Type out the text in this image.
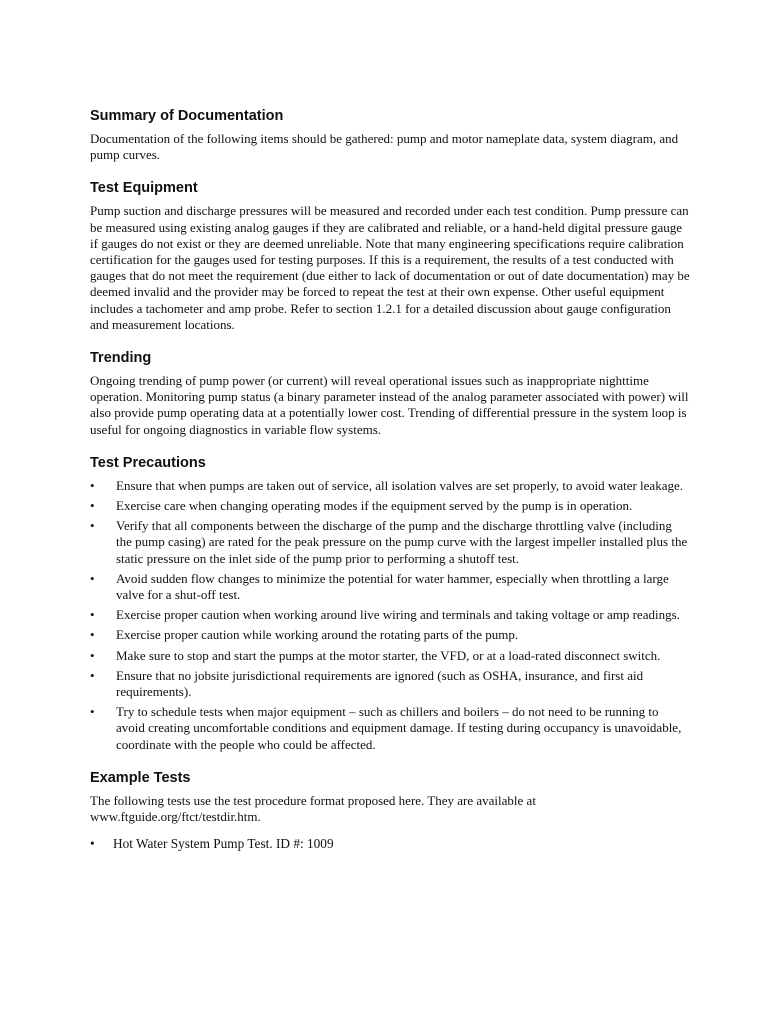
Summary of Documentation

Documentation of the following items should be gathered: pump and motor nameplate data, system diagram, and pump curves.

Test Equipment

Pump suction and discharge pressures will be measured and recorded under each test condition. Pump pressure can be measured using existing analog gauges if they are calibrated and reliable, or a hand-held digital pressure gauge if gauges do not exist or they are deemed unreliable. Note that many engineering specifications require calibration certification for the gauges used for testing purposes. If this is a requirement, the results of a test conducted with gauges that do not meet the requirement (due either to lack of documentation or out of date documentation) may be deemed invalid and the provider may be forced to repeat the test at their own expense. Other useful equipment includes a tachometer and amp probe. Refer to section 1.2.1 for a detailed discussion about gauge configuration and measurement locations.

Trending

Ongoing trending of pump power (or current) will reveal operational issues such as inappropriate nighttime operation. Monitoring pump status (a binary parameter instead of the analog parameter associated with power) will also provide pump operating data at a potentially lower cost. Trending of differential pressure in the system loop is useful for ongoing diagnostics in variable flow systems.

Test Precautions
•	Ensure that when pumps are taken out of service, all isolation valves are set properly, to avoid water leakage.
•	Exercise care when changing operating modes if the equipment served by the pump is in operation.
•	Verify that all components between the discharge of the pump and the discharge throttling valve (including the pump casing) are rated for the peak pressure on the pump curve with the largest impeller installed plus the static pressure on the inlet side of the pump prior to performing a shutoff test.
•	Avoid sudden flow changes to minimize the potential for water hammer, especially when throttling a large valve for a shut-off test.
•	Exercise proper caution when working around live wiring and terminals and taking voltage or amp readings.
•	Exercise proper caution while working around the rotating parts of the pump.
•	Make sure to stop and start the pumps at the motor starter, the VFD, or at a load-rated disconnect switch.
•	Ensure that no jobsite jurisdictional requirements are ignored (such as OSHA, insurance, and first aid requirements).
•	Try to schedule tests when major equipment – such as chillers and boilers – do not need to be running to avoid creating uncomfortable conditions and equipment damage. If testing during occupancy is unavoidable, coordinate with the people who could be affected.
Example Tests

The following tests use the test procedure format proposed here. They are available at www.ftguide.org/ftct/testdir.htm.

•	Hot Water System Pump Test. ID #: 1009
